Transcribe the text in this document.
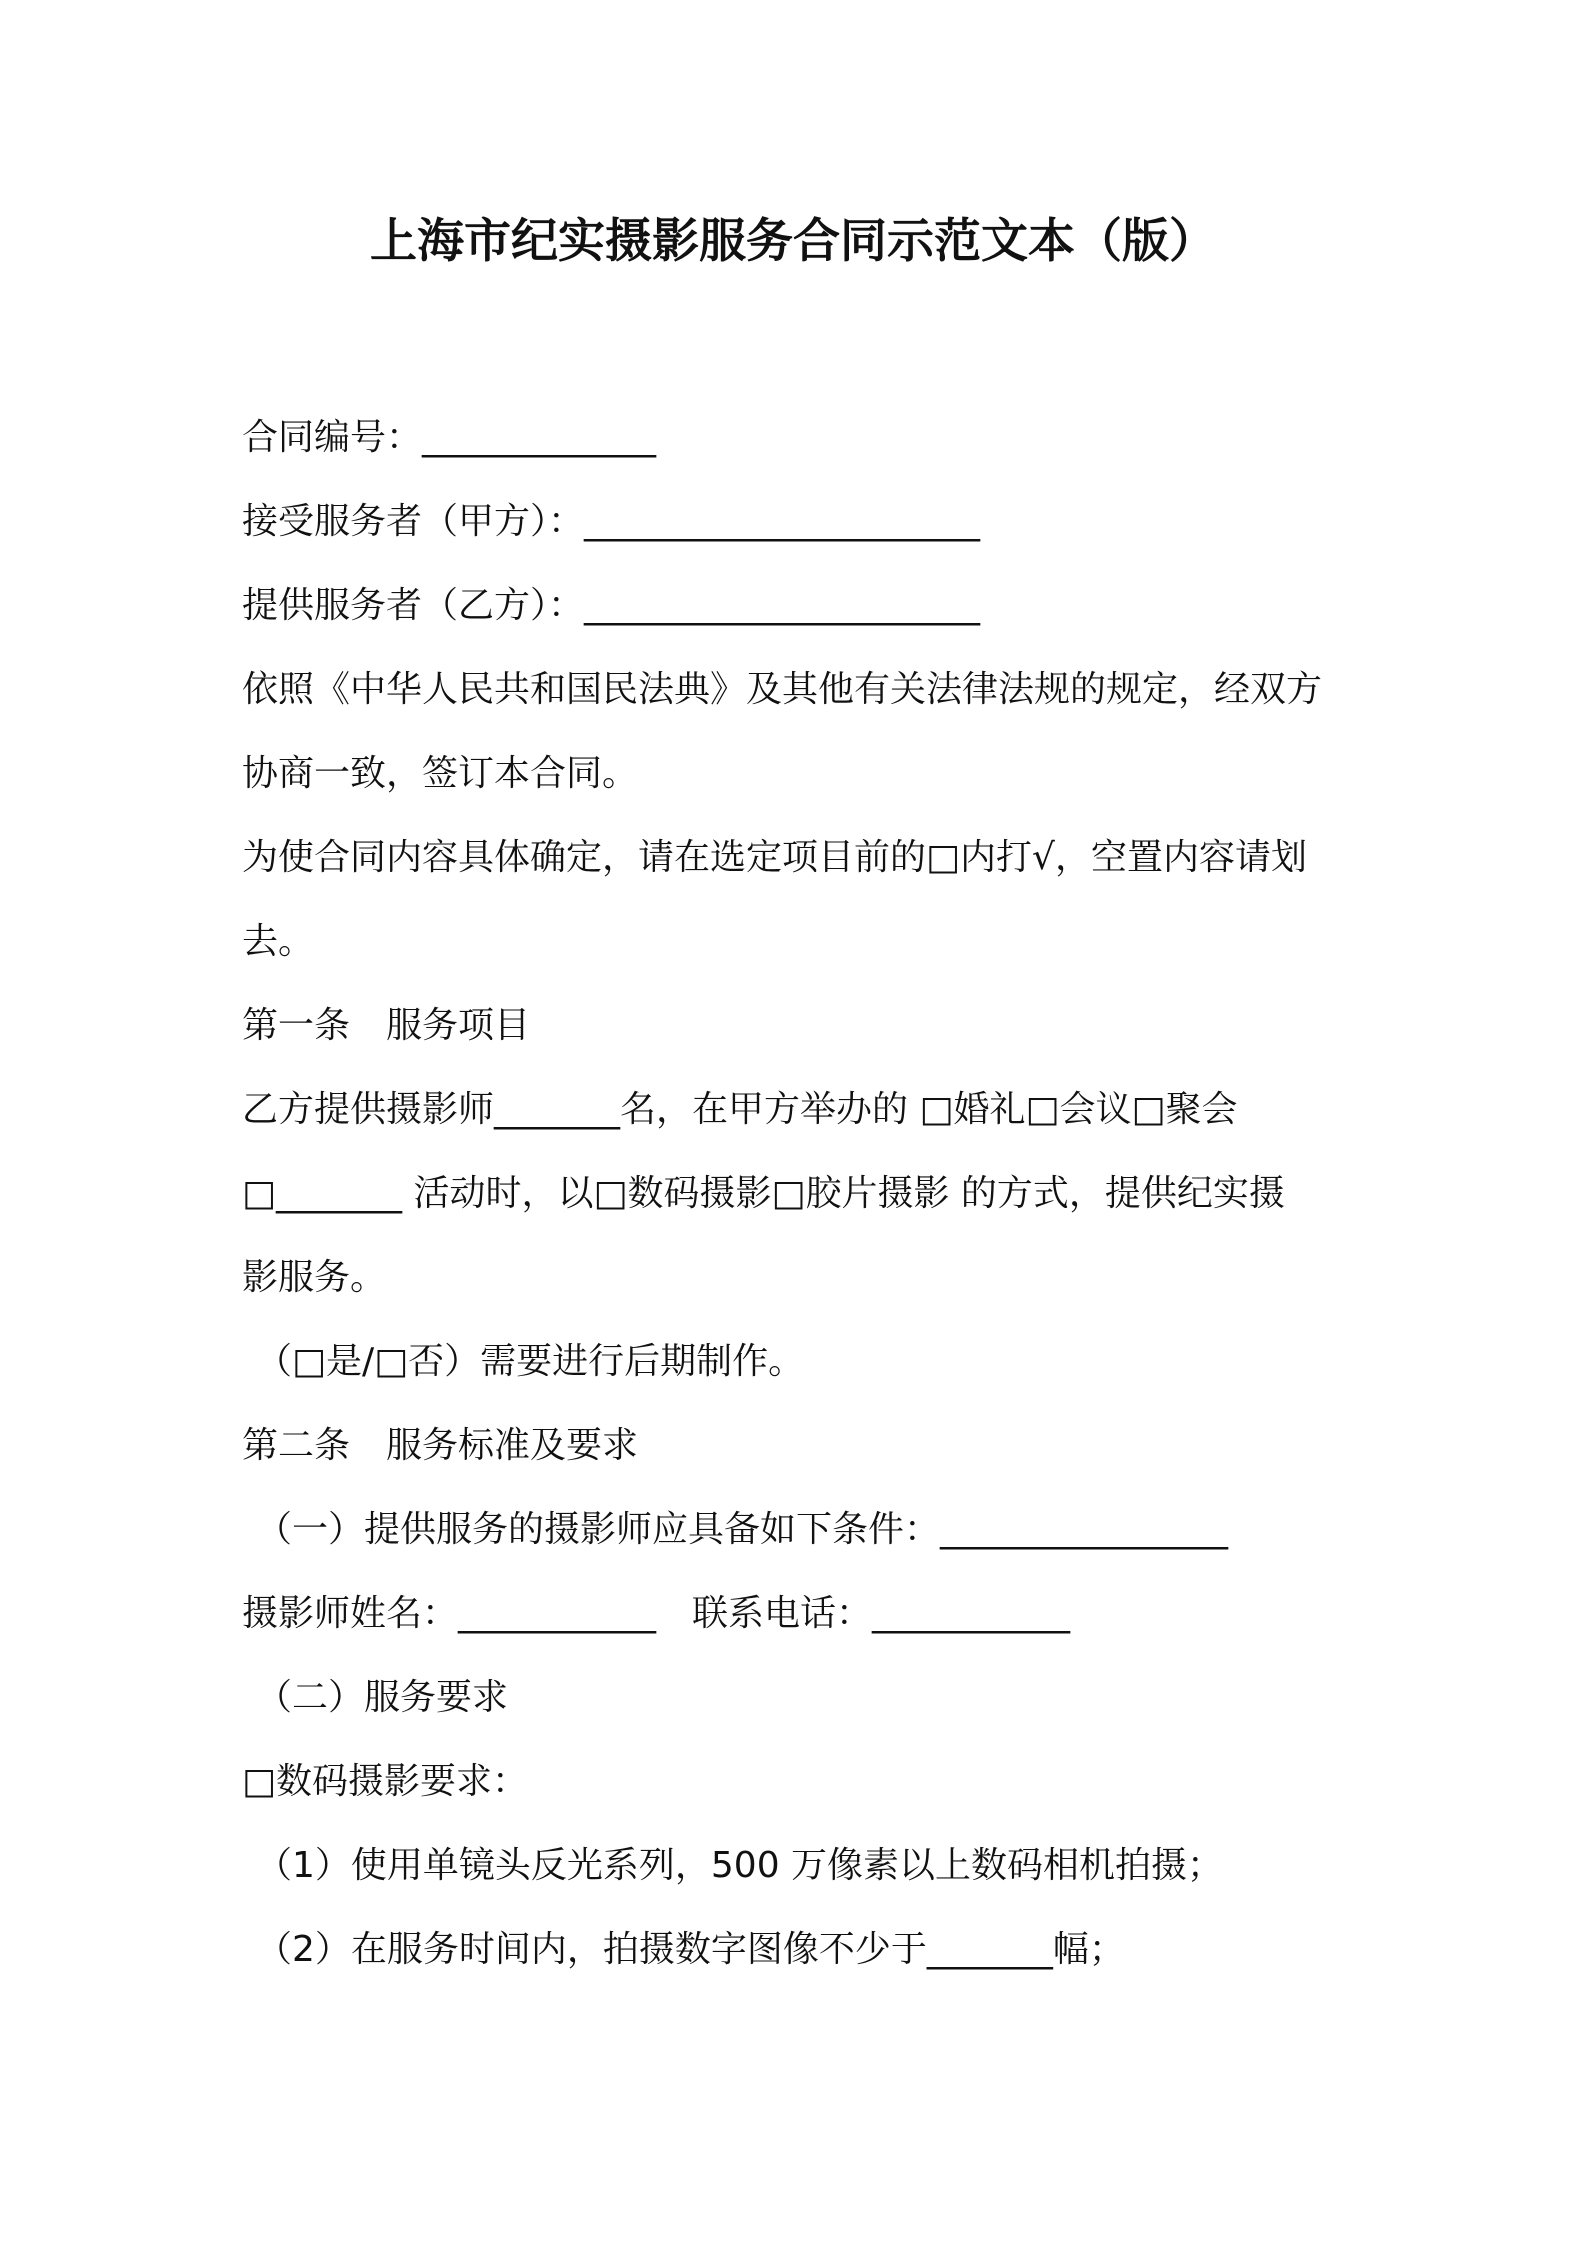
上海市纪实摄影服务合同示范文本（版）
合同编号：_____________
接受服务者（甲方）：______________________
提供服务者（乙方）：______________________
依照《中华人民共和国民法典》及其他有关法律法规的规定，经双方
协商一致，签订本合同。
为使合同内容具体确定，请在选定项目前的□内打√，空置内容请划
去。
第一条　服务项目
乙方提供摄影师_______名，在甲方举办的 □婚礼□会议□聚会
□_______ 活动时，以□数码摄影□胶片摄影 的方式，提供纪实摄
影服务。
（□是/□否）需要进行后期制作。
第二条　服务标准及要求
（一）提供服务的摄影师应具备如下条件：________________
摄影师姓名：___________　联系电话：___________
（二）服务要求
□数码摄影要求：
（1）使用单镜头反光系列，500 万像素以上数码相机拍摄；
（2）在服务时间内，拍摄数字图像不少于_______幅；
